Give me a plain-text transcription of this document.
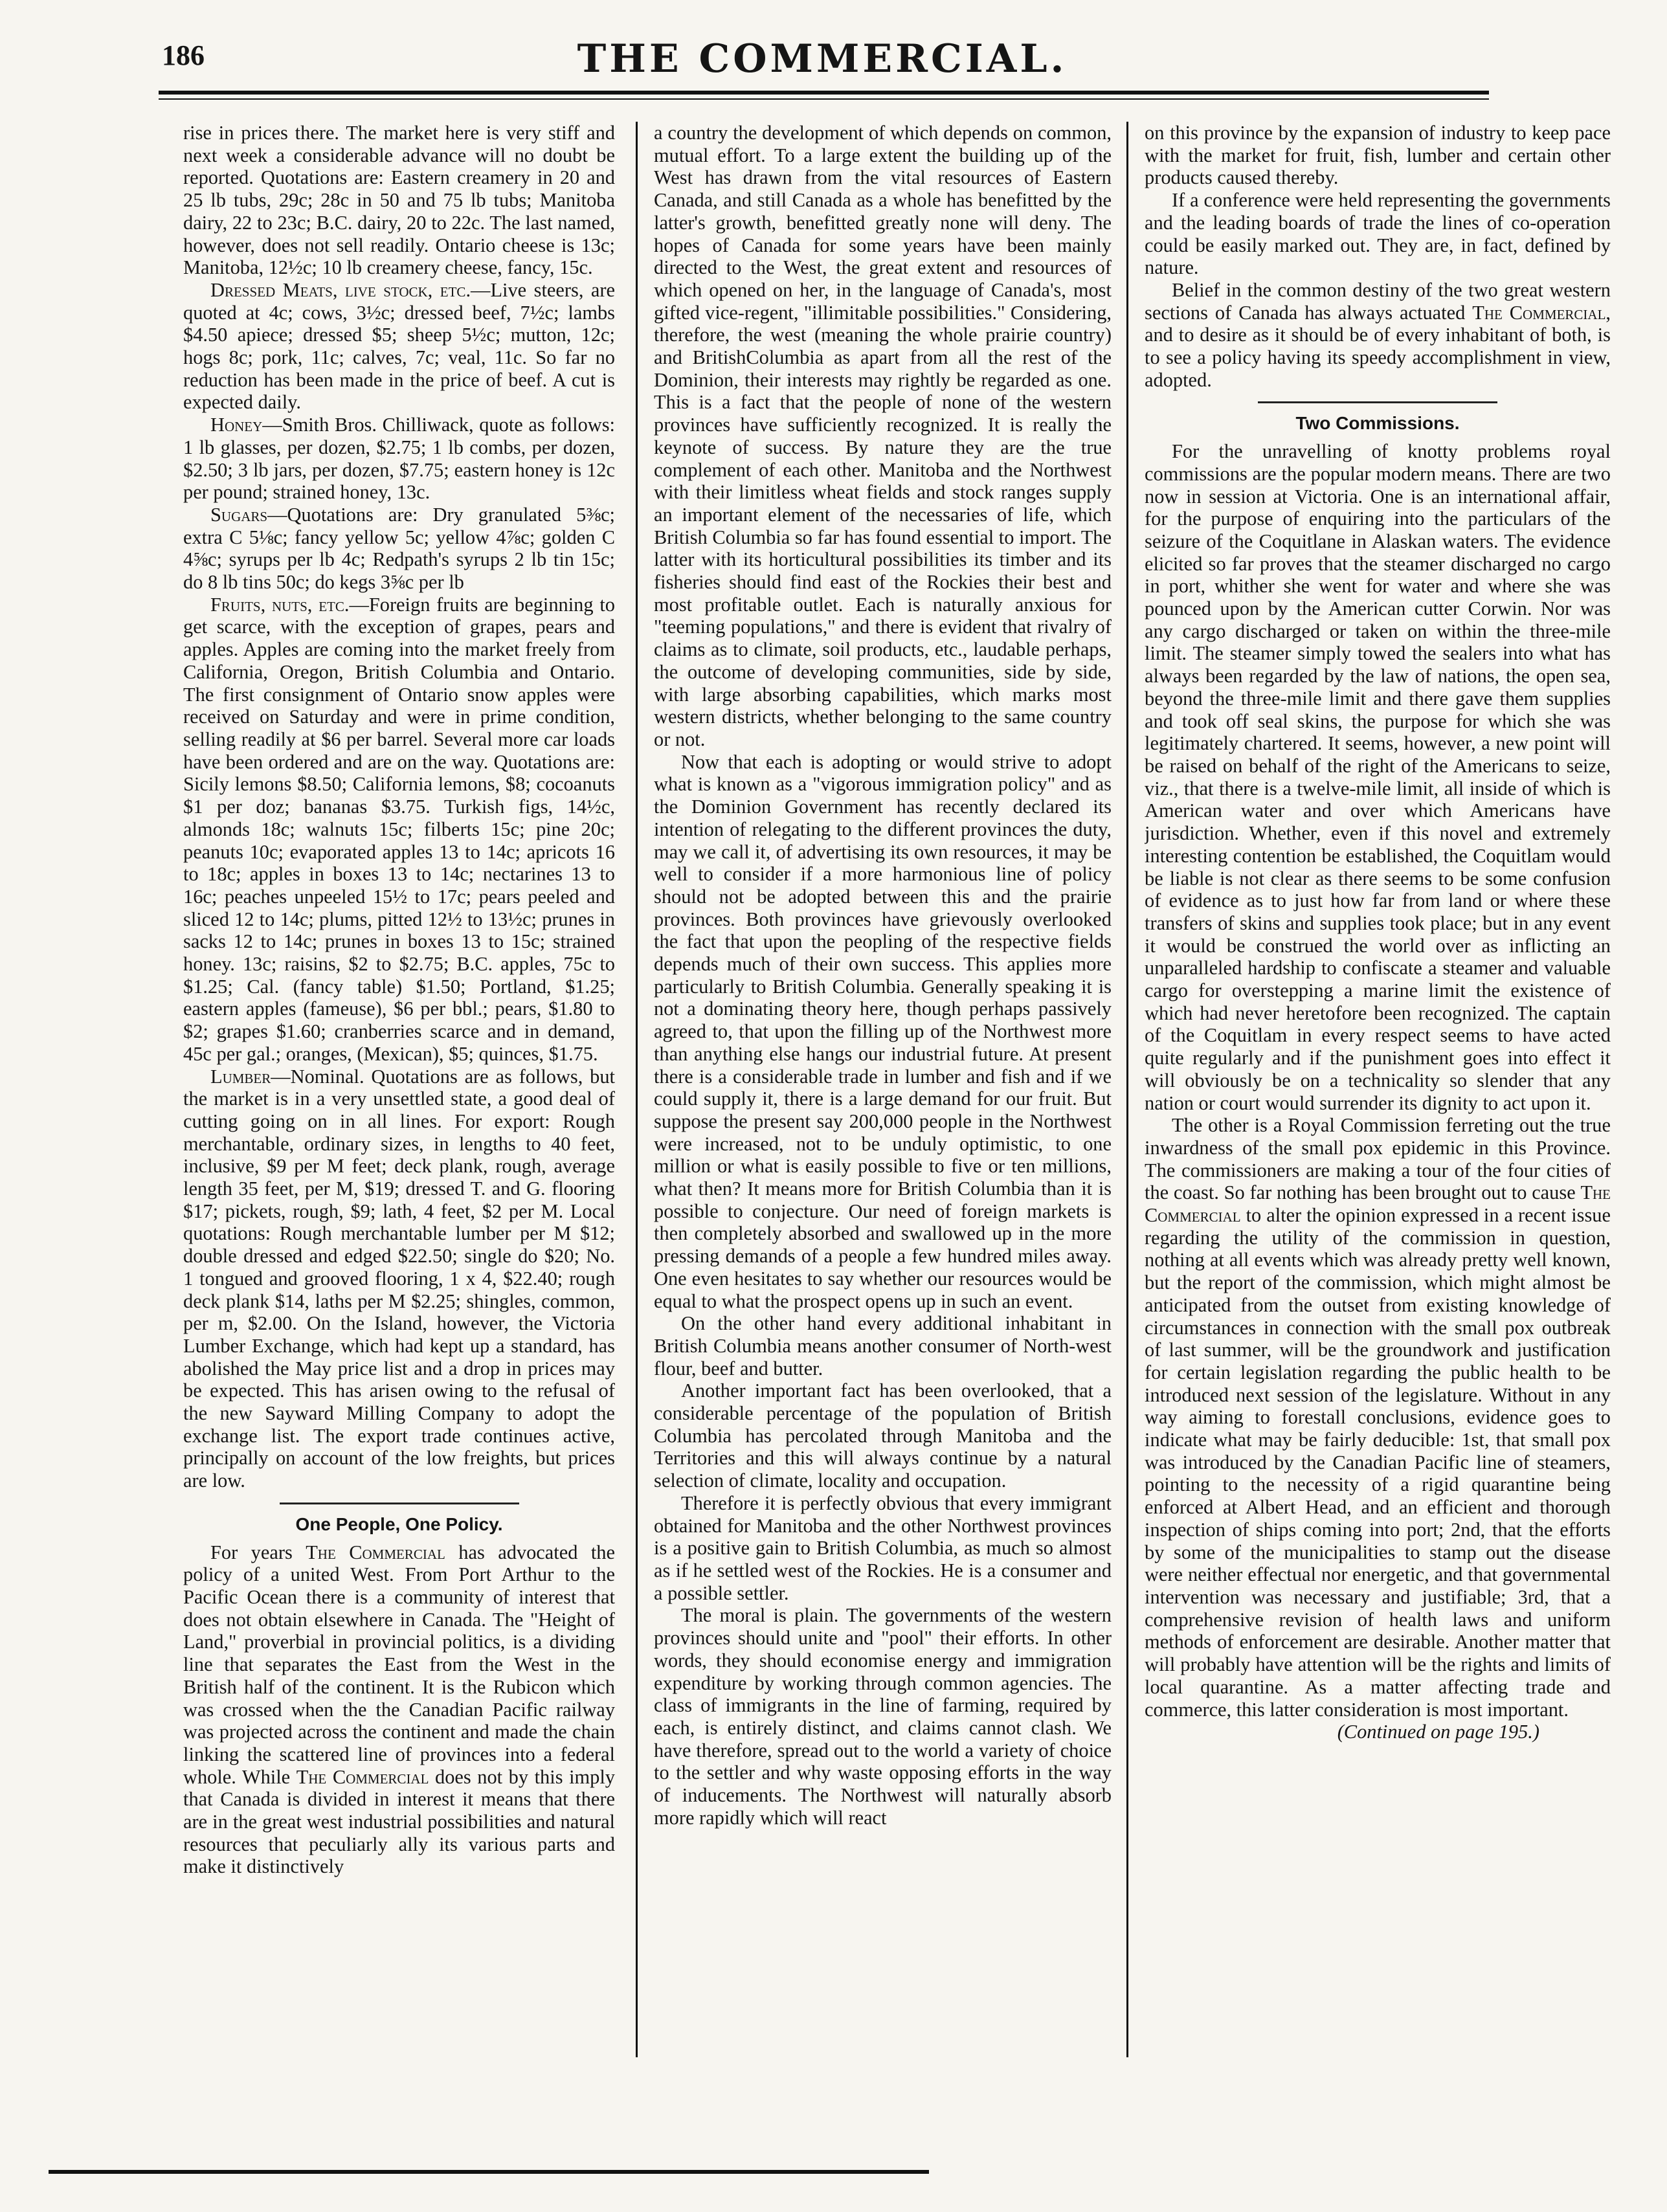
186	THE COMMERCIAL.

rise in prices there. The market here is very stiff and next week a considerable advance will no doubt be reported. Quotations are: Eastern creamery in 20 and 25 lb tubs, 29c; 28c in 50 and 75 lb tubs; Manitoba dairy, 22 to 23c; B.C. dairy, 20 to 22c. The last named, however, does not sell readily. Ontario cheese is 13c; Manitoba, 12½c; 10 lb creamery cheese, fancy, 15c.

Dressed Meats, live stock, etc.—Live steers, are quoted at 4c; cows, 3½c; dressed beef, 7½c; lambs $4.50 apiece; dressed $5; sheep 5½c; mutton, 12c; hogs 8c; pork, 11c; calves, 7c; veal, 11c. So far no reduction has been made in the price of beef. A cut is expected daily.

Honey—Smith Bros. Chilliwack, quote as follows: 1 lb glasses, per dozen, $2.75; 1 lb combs, per dozen, $2.50; 3 lb jars, per dozen, $7.75; eastern honey is 12c per pound; strained honey, 13c.

Sugars—Quotations are: Dry granulated 5⅜c; extra C 5⅛c; fancy yellow 5c; yellow 4⅞c; golden C 4⅝c; syrups per lb 4c; Redpath's syrups 2 lb tin 15c; do 8 lb tins 50c; do kegs 3⅝c per lb

Fruits, nuts, etc.—Foreign fruits are beginning to get scarce, with the exception of grapes, pears and apples. Apples are coming into the market freely from California, Oregon, British Columbia and Ontario. The first consignment of Ontario snow apples were received on Saturday and were in prime condition, selling readily at $6 per barrel. Several more car loads have been ordered and are on the way. Quotations are: Sicily lemons $8.50; California lemons, $8; cocoanuts $1 per doz; bananas $3.75. Turkish figs, 14½c, almonds 18c; walnuts 15c; filberts 15c; pine 20c; peanuts 10c; evaporated apples 13 to 14c; apricots 16 to 18c; apples in boxes 13 to 14c; nectarines 13 to 16c; peaches unpeeled 15½ to 17c; pears peeled and sliced 12 to 14c; plums, pitted 12½ to 13½c; prunes in sacks 12 to 14c; prunes in boxes 13 to 15c; strained honey. 13c; raisins, $2 to $2.75; B.C. apples, 75c to $1.25; Cal. (fancy table) $1.50; Portland, $1.25; eastern apples (fameuse), $6 per bbl.; pears, $1.80 to $2; grapes $1.60; cranberries scarce and in demand, 45c per gal.; oranges, (Mexican), $5; quinces, $1.75.

Lumber—Nominal. Quotations are as follows, but the market is in a very unsettled state, a good deal of cutting going on in all lines. For export: Rough merchantable, ordinary sizes, in lengths to 40 feet, inclusive, $9 per M feet; deck plank, rough, average length 35 feet, per M, $19; dressed T. and G. flooring $17; pickets, rough, $9; lath, 4 feet, $2 per M. Local quotations: Rough merchantable lumber per M $12; double dressed and edged $22.50; single do $20; No. 1 tongued and grooved flooring, 1 x 4, $22.40; rough deck plank $14, laths per M $2.25; shingles, common, per m, $2.00. On the Island, however, the Victoria Lumber Exchange, which had kept up a standard, has abolished the May price list and a drop in prices may be expected. This has arisen owing to the refusal of the new Sayward Milling Company to adopt the exchange list. The export trade continues active, principally on account of the low freights, but prices are low.

One People, One Policy.

For years The Commercial has advocated the policy of a united West. From Port Arthur to the Pacific Ocean there is a community of interest that does not obtain elsewhere in Canada. The "Height of Land," proverbial in provincial politics, is a dividing line that separates the East from the West in the British half of the continent. It is the Rubicon which was crossed when the the Canadian Pacific railway was projected across the continent and made the chain linking the scattered line of provinces into a federal whole. While The Commercial does not by this imply that Canada is divided in interest it means that there are in the great west industrial possibilities and natural resources that peculiarly ally its various parts and make it distinctively

a country the development of which depends on common, mutual effort. To a large extent the building up of the West has drawn from the vital resources of Eastern Canada, and still Canada as a whole has benefitted by the latter's growth, benefitted greatly none will deny. The hopes of Canada for some years have been mainly directed to the West, the great extent and resources of which opened on her, in the language of Canada's, most gifted vice-regent, "illimitable possibilities." Considering, therefore, the west (meaning the whole prairie country) and BritishColumbia as apart from all the rest of the Dominion, their interests may rightly be regarded as one. This is a fact that the people of none of the western provinces have sufficiently recognized. It is really the keynote of success. By nature they are the true complement of each other. Manitoba and the Northwest with their limitless wheat fields and stock ranges supply an important element of the necessaries of life, which British Columbia so far has found essential to import. The latter with its horticultural possibilities its timber and its fisheries should find east of the Rockies their best and most profitable outlet. Each is naturally anxious for "teeming populations," and there is evident that rivalry of claims as to climate, soil products, etc., laudable perhaps, the outcome of developing communities, side by side, with large absorbing capabilities, which marks most western districts, whether belonging to the same country or not.

Now that each is adopting or would strive to adopt what is known as a "vigorous immigration policy" and as the Dominion Government has recently declared its intention of relegating to the different provinces the duty, may we call it, of advertising its own resources, it may be well to consider if a more harmonious line of policy should not be adopted between this and the prairie provinces. Both provinces have grievously overlooked the fact that upon the peopling of the respective fields depends much of their own success. This applies more particularly to British Columbia. Generally speaking it is not a dominating theory here, though perhaps passively agreed to, that upon the filling up of the Northwest more than anything else hangs our industrial future. At present there is a considerable trade in lumber and fish and if we could supply it, there is a large demand for our fruit. But suppose the present say 200,000 people in the Northwest were increased, not to be unduly optimistic, to one million or what is easily possible to five or ten millions, what then? It means more for British Columbia than it is possible to conjecture. Our need of foreign markets is then completely absorbed and swallowed up in the more pressing demands of a people a few hundred miles away. One even hesitates to say whether our resources would be equal to what the prospect opens up in such an event.

On the other hand every additional inhabitant in British Columbia means another consumer of North-west flour, beef and butter.

Another important fact has been overlooked, that a considerable percentage of the population of British Columbia has percolated through Manitoba and the Territories and this will always continue by a natural selection of climate, locality and occupation.

Therefore it is perfectly obvious that every immigrant obtained for Manitoba and the other Northwest provinces is a positive gain to British Columbia, as much so almost as if he settled west of the Rockies. He is a consumer and a possible settler.

The moral is plain. The governments of the western provinces should unite and "pool" their efforts. In other words, they should economise energy and immigration expenditure by working through common agencies. The class of immigrants in the line of farming, required by each, is entirely distinct, and claims cannot clash. We have therefore, spread out to the world a variety of choice to the settler and why waste opposing efforts in the way of inducements. The Northwest will naturally absorb more rapidly which will react

on this province by the expansion of industry to keep pace with the market for fruit, fish, lumber and certain other products caused thereby.

If a conference were held representing the governments and the leading boards of trade the lines of co-operation could be easily marked out. They are, in fact, defined by nature.

Belief in the common destiny of the two great western sections of Canada has always actuated The Commercial, and to desire as it should be of every inhabitant of both, is to see a policy having its speedy accomplishment in view, adopted.

Two Commissions.

For the unravelling of knotty problems royal commissions are the popular modern means. There are two now in session at Victoria. One is an international affair, for the purpose of enquiring into the particulars of the seizure of the Coquitlane in Alaskan waters. The evidence elicited so far proves that the steamer discharged no cargo in port, whither she went for water and where she was pounced upon by the American cutter Corwin. Nor was any cargo discharged or taken on within the three-mile limit. The steamer simply towed the sealers into what has always been regarded by the law of nations, the open sea, beyond the three-mile limit and there gave them supplies and took off seal skins, the purpose for which she was legitimately chartered. It seems, however, a new point will be raised on behalf of the right of the Americans to seize, viz., that there is a twelve-mile limit, all inside of which is American water and over which Americans have jurisdiction. Whether, even if this novel and extremely interesting contention be established, the Coquitlam would be liable is not clear as there seems to be some confusion of evidence as to just how far from land or where these transfers of skins and supplies took place; but in any event it would be construed the world over as inflicting an unparalleled hardship to confiscate a steamer and valuable cargo for overstepping a marine limit the existence of which had never heretofore been recognized. The captain of the Coquitlam in every respect seems to have acted quite regularly and if the punishment goes into effect it will obviously be on a technicality so slender that any nation or court would surrender its dignity to act upon it.

The other is a Royal Commission ferreting out the true inwardness of the small pox epidemic in this Province. The commissioners are making a tour of the four cities of the coast. So far nothing has been brought out to cause The Commercial to alter the opinion expressed in a recent issue regarding the utility of the commission in question, nothing at all events which was already pretty well known, but the report of the commission, which might almost be anticipated from the outset from existing knowledge of circumstances in connection with the small pox outbreak of last summer, will be the groundwork and justification for certain legislation regarding the public health to be introduced next session of the legislature. Without in any way aiming to forestall conclusions, evidence goes to indicate what may be fairly deducible: 1st, that small pox was introduced by the Canadian Pacific line of steamers, pointing to the necessity of a rigid quarantine being enforced at Albert Head, and an efficient and thorough inspection of ships coming into port; 2nd, that the efforts by some of the municipalities to stamp out the disease were neither effectual nor energetic, and that governmental intervention was necessary and justifiable; 3rd, that a comprehensive revision of health laws and uniform methods of enforcement are desirable. Another matter that will probably have attention will be the rights and limits of local quarantine. As a matter affecting trade and commerce, this latter consideration is most important.

(Continued on page 195.)
